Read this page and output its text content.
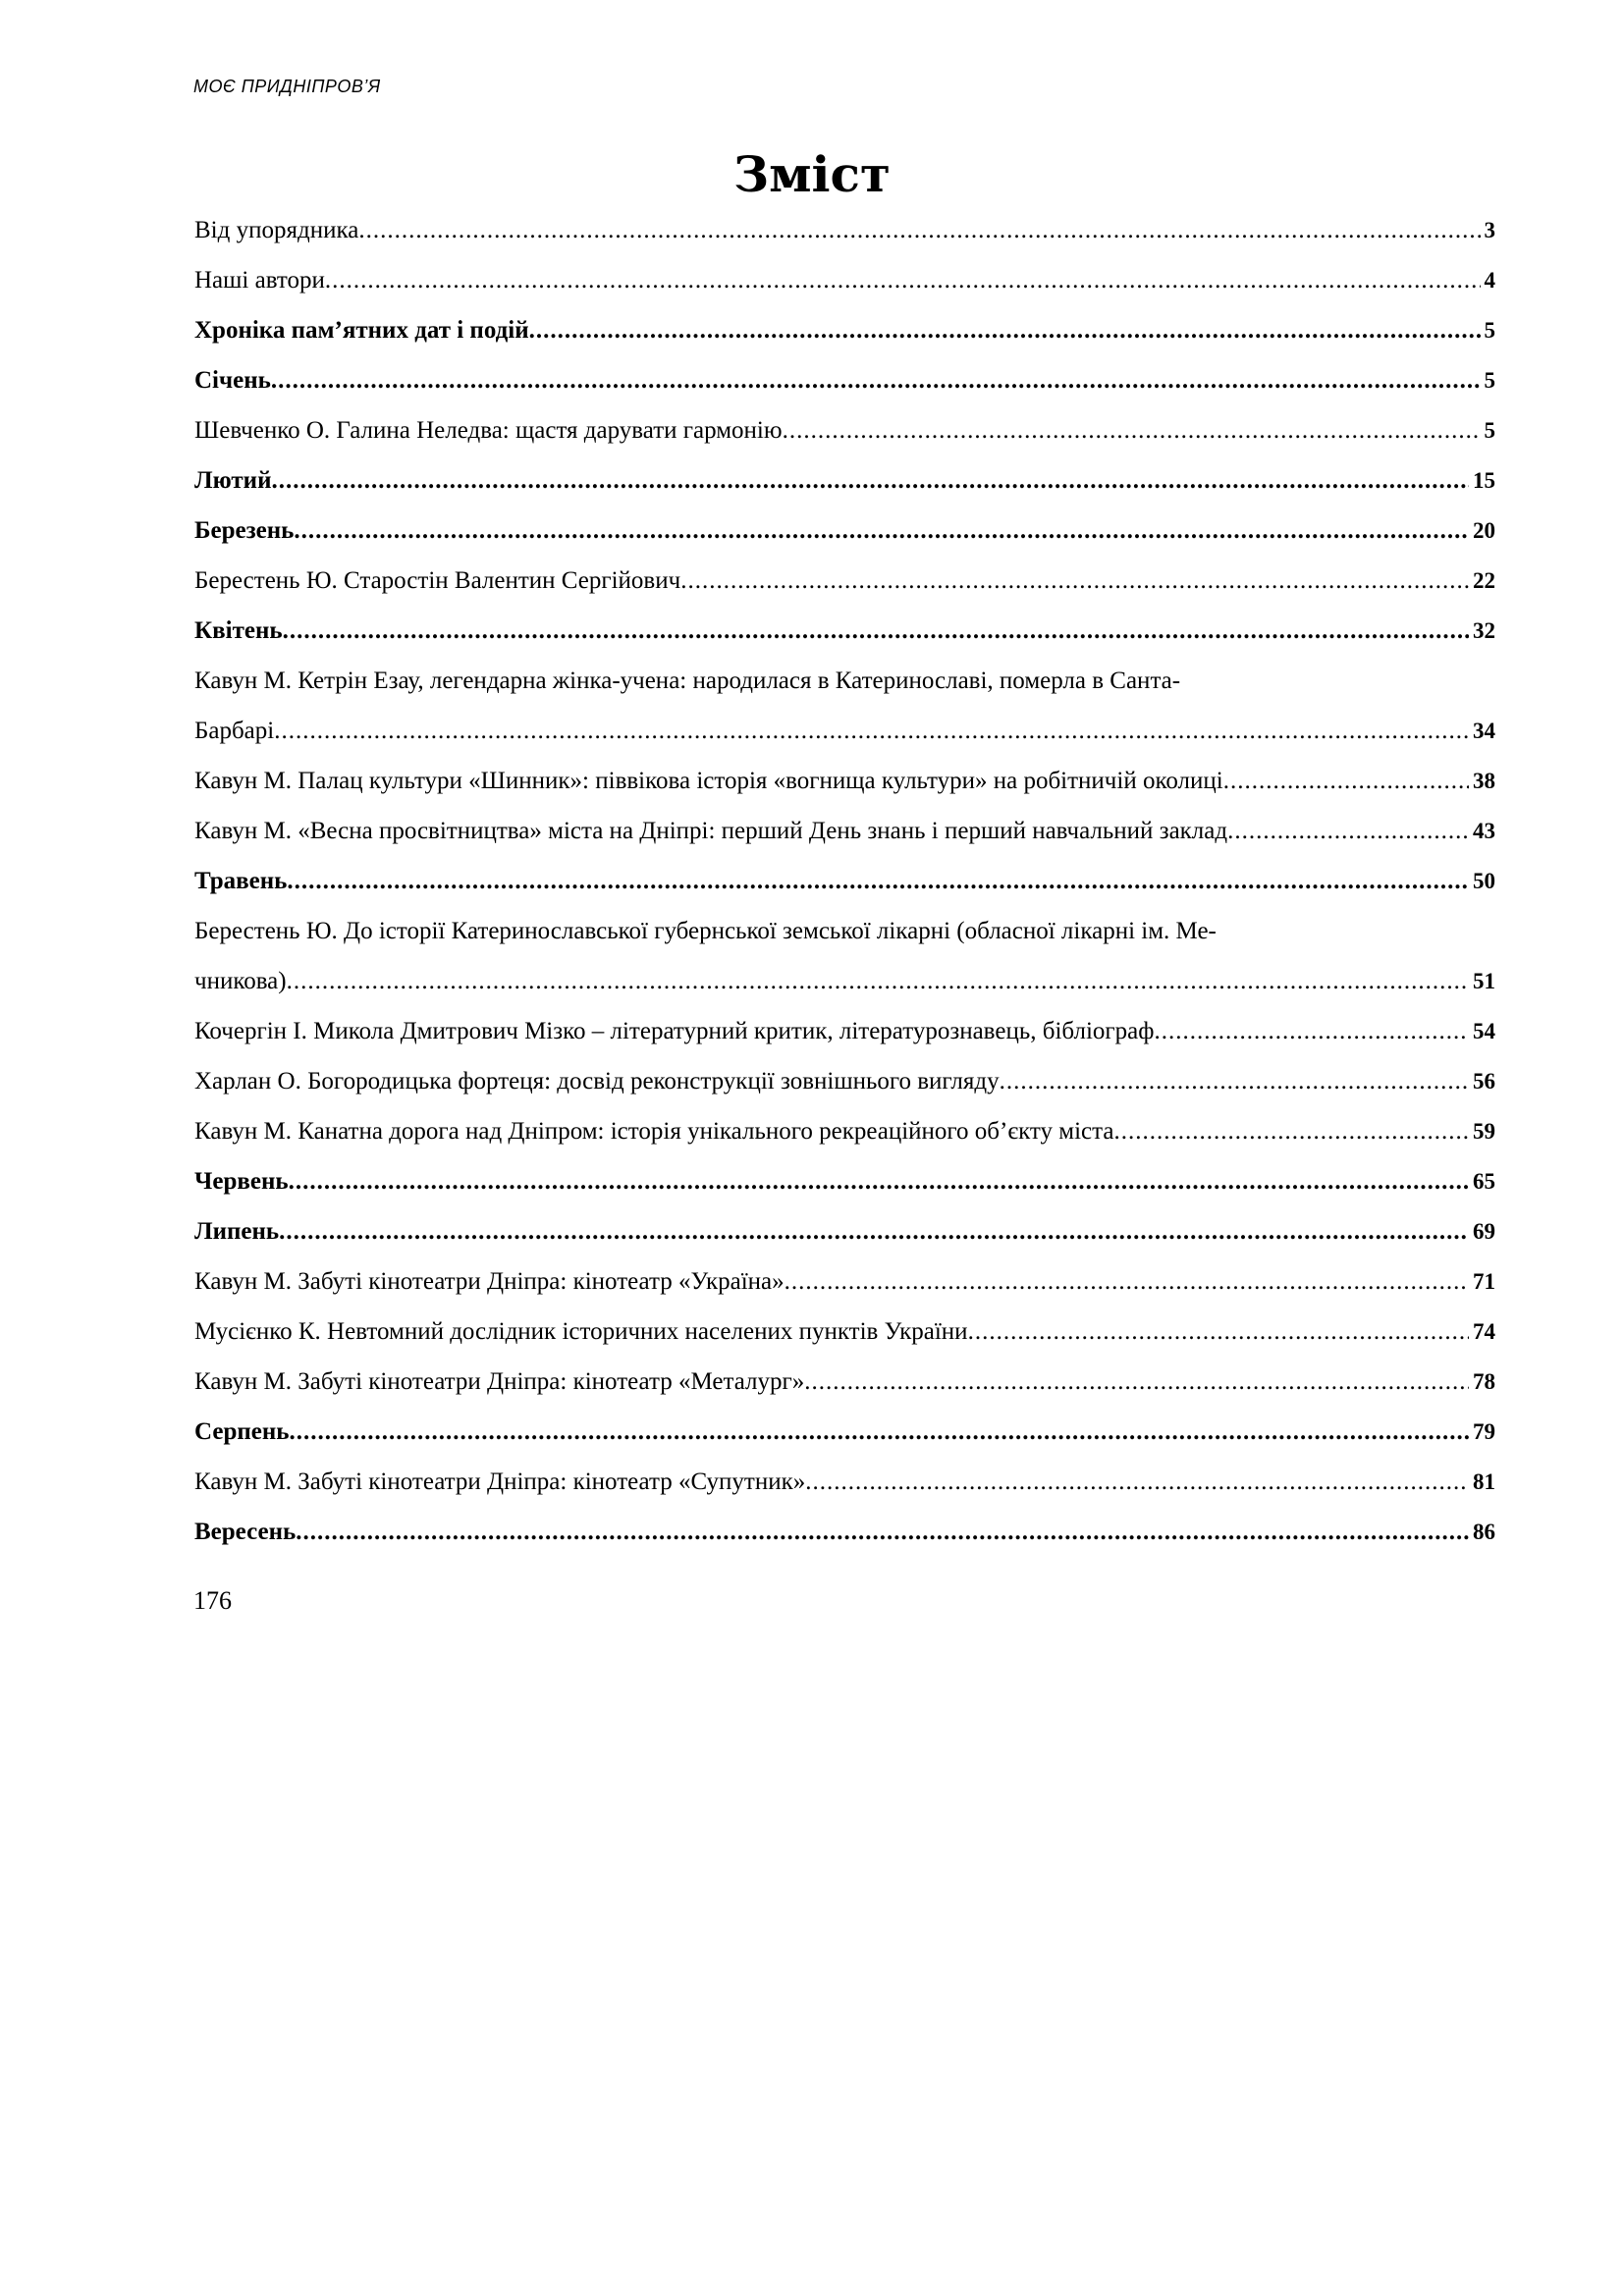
МОЄ ПРИДНІПРОВ’Я
Зміст
Від упорядника .....	3
Наші автори .....	4
Хроніка пам’ятних дат і подій .....	5
Січень .....	5
Шевченко О. Галина Неледва: щастя дарувати гармонію .....	5
Лютий .....	15
Березень .....	20
Берестень Ю. Старостін Валентин Сергійович .....	22
Квітень .....	32
Кавун М. Кетрін Езау, легендарна жінка-учена: народилася в Катеринославі, померла в Санта-
Барбарі .....	34
Кавун М. Палац культури «Шинник»: піввікова історія «вогнища культури» на робітничій околиці .....	38
Кавун М. «Весна просвітництва» міста на Дніпрі: перший День знань і перший навчальний заклад .....	43
Травень .....	50
Берестень Ю. До історії Катеринославської губернської земської лікарні (обласної лікарні ім. Ме-
чникова) .....	51
Кочергін І. Микола Дмитрович Мізко – літературний критик, літературознавець, бібліограф .....	54
Харлан О. Богородицька фортеця: досвід реконструкції зовнішнього вигляду .....	56
Кавун М. Канатна дорога над Дніпром: історія унікального рекреаційного об’єкту міста .....	59
Червень .....	65
Липень .....	69
Кавун М. Забуті кінотеатри Дніпра: кінотеатр «Україна» .....	71
Мусієнко К. Невтомний дослідник історичних населених пунктів України .....	74
Кавун М. Забуті кінотеатри Дніпра: кінотеатр «Металург» .....	78
Серпень .....	79
Кавун М. Забуті кінотеатри Дніпра: кінотеатр «Супутник» .....	81
Вересень .....	86
176
